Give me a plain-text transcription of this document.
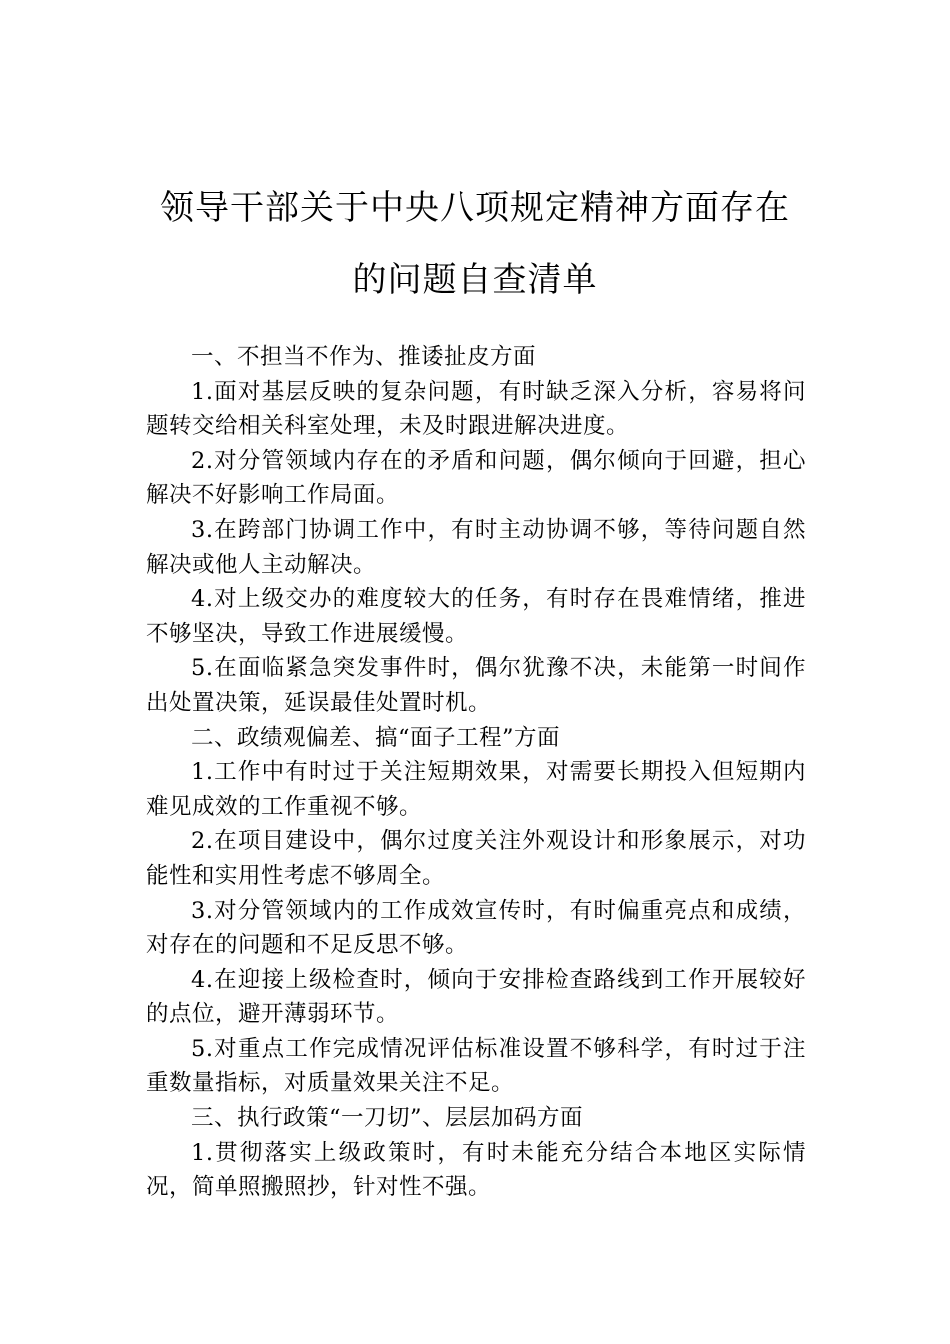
领导干部关于中央八项规定精神方面存在
的问题自查清单

一、不担当不作为、推诿扯皮方面

1.面对基层反映的复杂问题，有时缺乏深入分析，容易将问题转交给相关科室处理，未及时跟进解决进度。

2.对分管领域内存在的矛盾和问题，偶尔倾向于回避，担心解决不好影响工作局面。

3.在跨部门协调工作中，有时主动协调不够，等待问题自然解决或他人主动解决。

4.对上级交办的难度较大的任务，有时存在畏难情绪，推进不够坚决，导致工作进展缓慢。

5.在面临紧急突发事件时，偶尔犹豫不决，未能第一时间作出处置决策，延误最佳处置时机。

二、政绩观偏差、搞“面子工程”方面

1.工作中有时过于关注短期效果，对需要长期投入但短期内难见成效的工作重视不够。

2.在项目建设中，偶尔过度关注外观设计和形象展示，对功能性和实用性考虑不够周全。

3.对分管领域内的工作成效宣传时，有时偏重亮点和成绩，对存在的问题和不足反思不够。

4.在迎接上级检查时，倾向于安排检查路线到工作开展较好的点位，避开薄弱环节。

5.对重点工作完成情况评估标准设置不够科学，有时过于注重数量指标，对质量效果关注不足。

三、执行政策“一刀切”、层层加码方面

1.贯彻落实上级政策时，有时未能充分结合本地区实际情况，简单照搬照抄，针对性不强。
